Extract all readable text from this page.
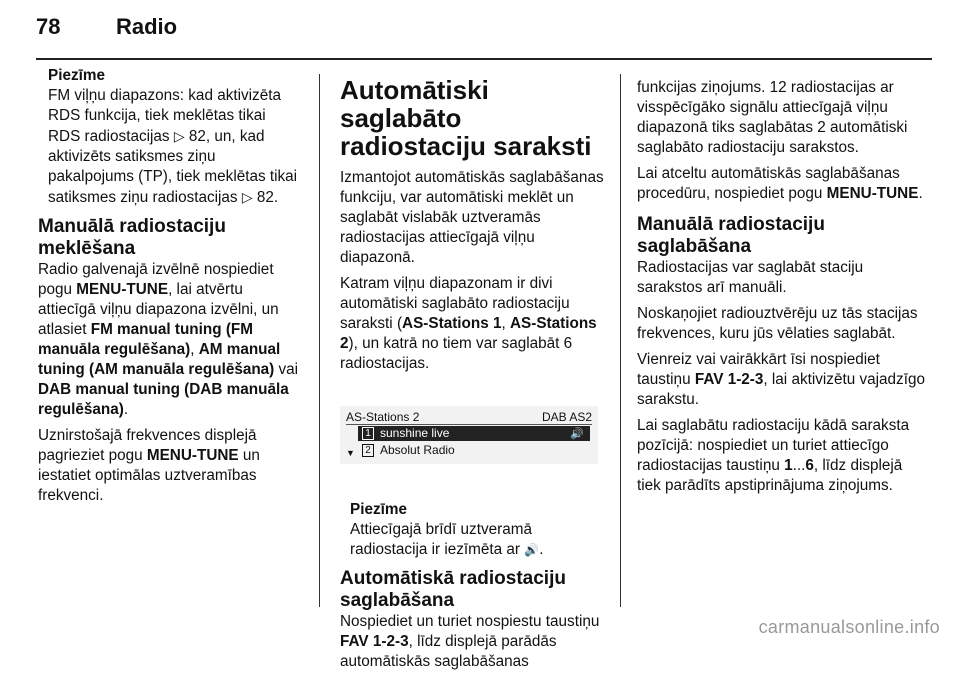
78	Radio
Piezīme
FM viļņu diapazons: kad aktivizēta RDS funkcija, tiek meklētas tikai RDS radiostacijas ▷ 82, un, kad aktivizēts satiksmes ziņu pakalpojums (TP), tiek meklētas tikai satiksmes ziņu radiostacijas ▷ 82.
Manuālā radiostaciju meklēšana

Radio galvenajā izvēlnē nospiediet pogu MENU-TUNE, lai atvērtu attiecīgā viļņu diapazona izvēlni, un atlasiet FM manual tuning (FM manuāla regulēšana), AM manual tuning (AM manuāla regulēšana) vai DAB manual tuning (DAB manuāla regulēšana).

Uznirstošajā frekvences displejā pagrieziet pogu MENU-TUNE un iestatiet optimālas uztveramības frekvenci.

Automātiski saglabāto radiostaciju saraksti

Izmantojot automātiskās saglabāšanas funkciju, var automātiski meklēt un saglabāt vislabāk uztveramās radiostacijas attiecīgajā viļņu diapazonā.

Katram viļņu diapazonam ir divi automātiski saglabāto radiostaciju saraksti (AS-Stations 1, AS-Stations 2), un katrā no tiem var saglabāt 6 radiostacijas.

AS-Stations 2	DAB AS2
1 sunshine live	🔊
▼	2 Absolut Radio
Piezīme
Attiecīgajā brīdī uztveramā radiostacija ir iezīmēta ar 🔊.
Automātiskā radiostaciju saglabāšana

Nospiediet un turiet nospiestu taustiņu FAV 1-2-3, līdz displejā parādās automātiskās saglabāšanas

funkcijas ziņojums. 12 radiostacijas ar visspēcīgāko signālu attiecīgajā viļņu diapazonā tiks saglabātas 2 automātiski saglabāto radiostaciju sarakstos.

Lai atceltu automātiskās saglabāšanas procedūru, nospiediet pogu MENU-TUNE.

Manuālā radiostaciju saglabāšana

Radiostacijas var saglabāt staciju sarakstos arī manuāli.

Noskaņojiet radiouztvērēju uz tās stacijas frekvences, kuru jūs vēlaties saglabāt.

Vienreiz vai vairākkārt īsi nospiediet taustiņu FAV 1-2-3, lai aktivizētu vajadzīgo sarakstu.

Lai saglabātu radiostaciju kādā saraksta pozīcijā: nospiediet un turiet attiecīgo radiostacijas taustiņu 1...6, līdz displejā tiek parādīts apstiprinājuma ziņojums.

carmanualsonline.info
